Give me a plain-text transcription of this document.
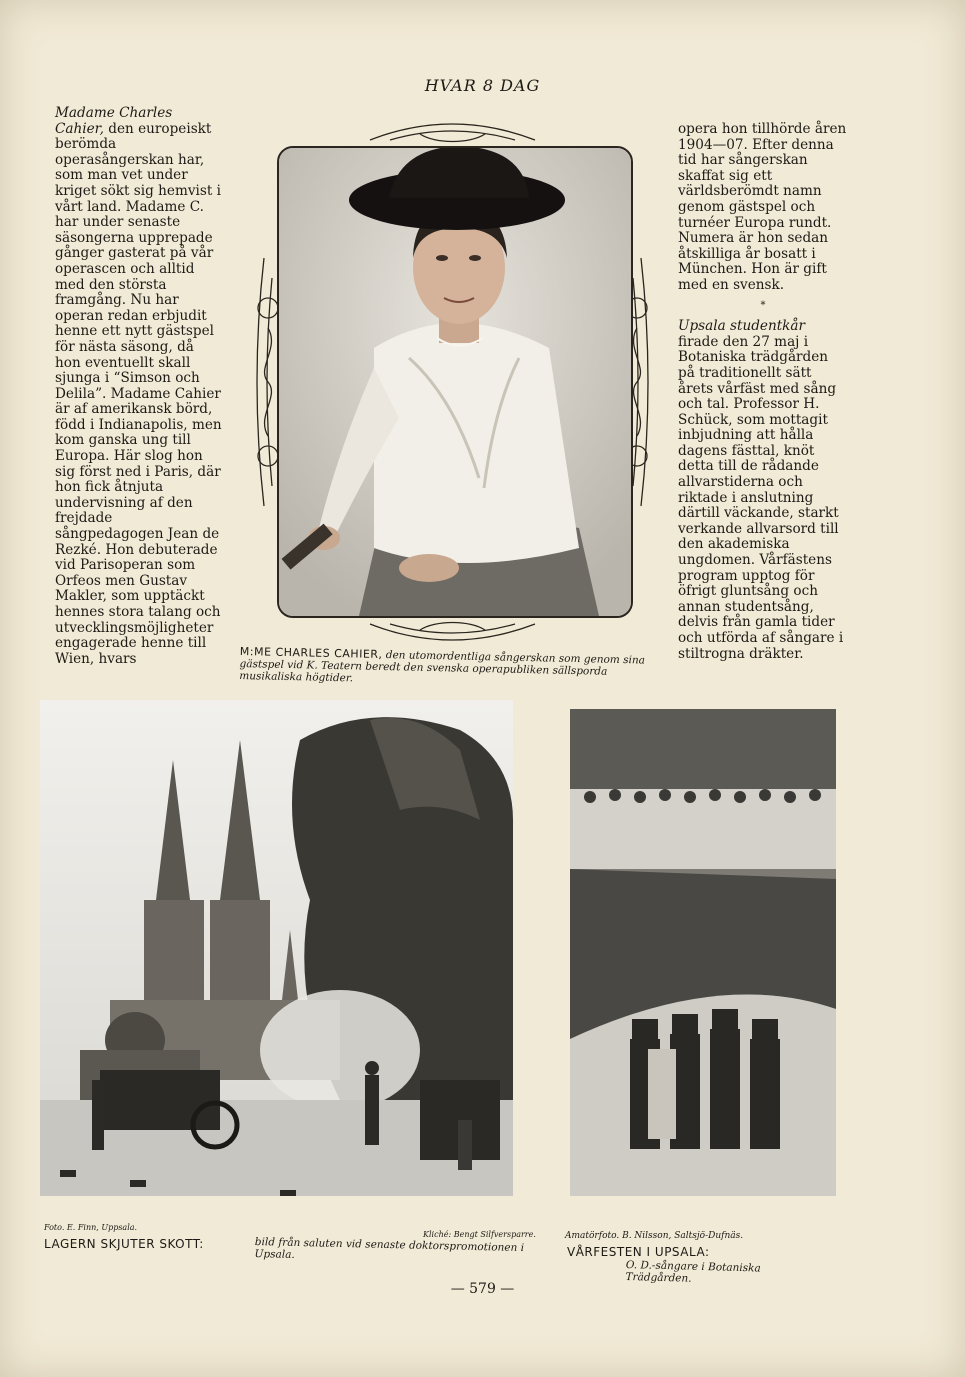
HVAR 8 DAG

Madame Charles Cahier, den europeiskt berömda operasångerskan har, som man vet under kriget sökt sig hemvist i vårt land. Madame C. har under senaste säsongerna upprepade gånger gasterat på vår operascen och alltid med den största framgång. Nu har operan redan erbjudit henne ett nytt gästspel för nästa säsong, då hon eventuellt skall sjunga i “Simson och Delila”. Madame Cahier är af amerikansk börd, född i Indianapolis, men kom ganska ung till Europa. Här slog hon sig först ned i Paris, där hon fick åtnjuta undervisning af den frejdade sångpedagogen Jean de Rezké. Hon debuterade vid Parisoperan som Orfeos men Gustav Makler, som upptäckt hennes stora talang och utvecklingsmöjligheter engagerade henne till Wien, hvars

opera hon tillhörde åren 1904—07. Efter denna tid har sångerskan skaffat sig ett världsberömdt namn genom gästspel och turnéer Europa rundt. Numera är hon sedan åtskilliga år bosatt i München. Hon är gift med en svensk.

*

Upsala studentkår firade den 27 maj i Botaniska trädgården på traditionellt sätt årets vårfäst med sång och tal. Professor H. Schück, som mottagit inbjudning att hålla dagens fästtal, knöt detta till de rådande allvarstiderna och riktade i anslutning därtill väckande, starkt verkande allvarsord till den akademiska ungdomen. Vårfästens program upptog för öfrigt gluntsång och annan studentsång, delvis från gamla tider och utförda af sångare i stiltrogna dräkter.

M:ME CHARLES CAHIER, den utomordentliga sångerskan som genom sina gästspel vid K. Teatern beredt den svenska operapubliken sällsporda musikaliska högtider.
Foto. E. Finn, Uppsala.
Kliché: Bengt Silfversparre.
LAGERN SKJUTER SKOTT:	bild från saluten vid senaste doktorspromotionen i Upsala.
Amatörfoto. B. Nilsson, Saltsjö-Dufnäs.
VÅRFESTEN I UPSALA:
O. D.-sångare i Botaniska Trädgården.
— 579 —
